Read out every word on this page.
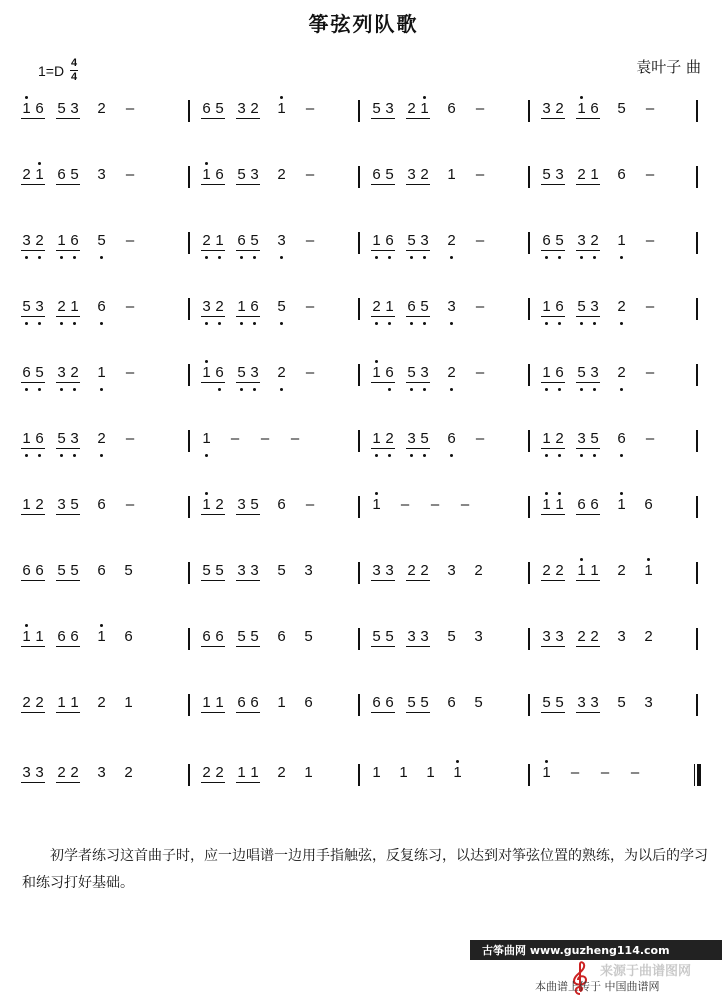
筝弦列队歌
1=D 4
4
袁叶子 曲
1 6 5 3 2 –	6 5 3 2 1 –	5 3 2 1 6 –	3 2 1 6 5 –
2 1 6 5 3 –	1 6 5 3 2 –	6 5 3 2 1 –	5 3 2 1 6 –
3 2 1 6 5 –	2 1 6 5 3 –	1 6 5 3 2 –	6 5 3 2 1 –
5 3 2 1 6 –	3 2 1 6 5 –	2 1 6 5 3 –	1 6 5 3 2 –
6 5 3 2 1 –	1 6 5 3 2 –	1 6 5 3 2 –	1 6 5 3 2 –
1 6 5 3 2 –	1 – – –	1 2 3 5 6 –	1 2 3 5 6 –
1 2 3 5 6 –	1 2 3 5 6 –	1 – – –	1 1 6 6 1 6
6 6 5 5 6 5	5 5 3 3 5 3	3 3 2 2 3 2	2 2 1 1 2 1
1 1 6 6 1 6	6 6 5 5 6 5	5 5 3 3 5 3	3 3 2 2 3 2
2 2 1 1 2 1	1 1 6 6 1 6	6 6 5 5 6 5	5 5 3 3 5 3
3 3 2 2 3 2	2 2 1 1 2 1	1 1 1 1	1 – – –
初学者练习这首曲子时，应一边唱谱一边用手指触弦，反复练习，以达到对筝弦位置的熟练，为以后的学习和练习打好基础。
古筝曲网 www.guzheng114.com
来源于曲谱图网
本曲谱上传于 中国曲谱网
